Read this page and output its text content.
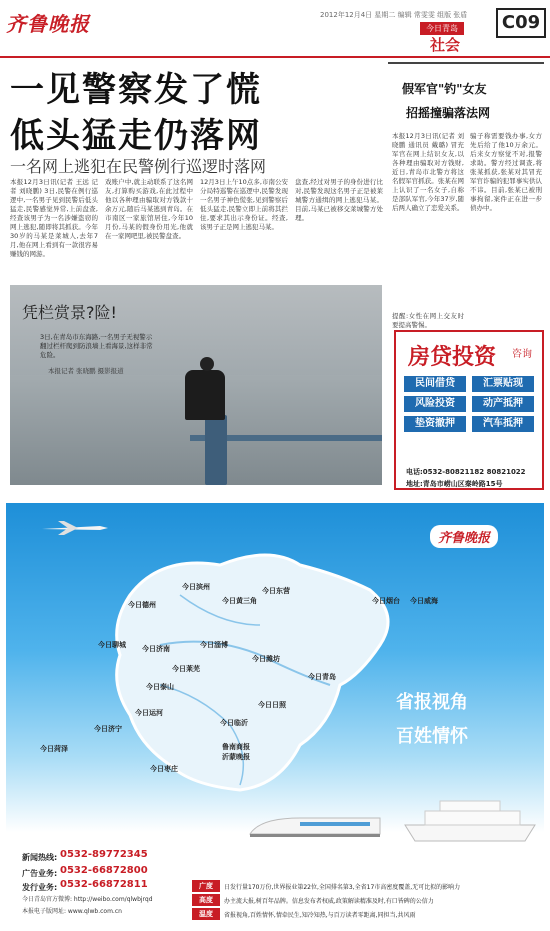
齐鲁晚报	2012年12月4日 星期二 编辑 常雯雯 组版 张盾
今日青岛
社会
C09
一见警察发了慌
低头猛走仍落网
一名网上逃犯在民警例行巡逻时落网
本报12月3日讯(记者 王远 记者 刘晓鹏) 3日,民警在例行巡逻中,一名男子见到民警后低头猛走,民警感觉异常,上前盘查,经查该男子为一名涉嫌盗窃的网上逃犯,随即将其抓获。今年30岁的马某是莱城人,去年7月,他在网上看到有一款很容易赚钱的网游。
戏账户中,就主动联系了这名网友,打算购买游戏,在此过程中他以各种理由骗取对方钱款十余万元,随后马某逃到青岛。在市南区一家旅馆居住,今年10月份,马某的假身份用光,他就在一家网吧里,被民警盘查。
12月3日上午10点多,市南公安分局特巡警在巡逻中,民警发现一名男子神色慌张,见到警察后低头猛走,民警立即上前将其拦住,要求其出示身份证。经查,该男子正是网上逃犯马某。
盘查,经过对男子的身份进行比对,民警发现这名男子正是被莱城警方通缉的网上逃犯马某。目前,马某已被移交莱城警方处理。
凭栏赏景?险!
3日,在青岛市东海路,一名男子无视警示翻过栏杆爬到防浪墙上看海景,这样非常危险。
本报记者 张晓鹏 摄影报道
假军官"钓"女友
招摇撞骗落法网
本报12月3日讯(记者 刘晓鹏 通讯员 戴璐) 冒充军官在网上结识女友,以各种理由骗取对方钱财,近日,青岛市北警方将这名假军官抓获。张某在网上认识了一名女子,自称是部队军官,今年37岁,随后两人确立了恋爱关系。
骗子称需要钱办事,女方先后给了他10万余元。后来女方察觉不对,报警求助。警方经过调查,将张某抓获,张某对其冒充军官诈骗的犯罪事实供认不讳。目前,张某已被刑事拘留,案件正在进一步侦办中。
提醒:女性在网上交友时要提高警惕。
房贷投资 咨询
民间借贷	汇票贴现
风险投资	动产抵押
垫资撤押	汽车抵押
电话:0532-80821182 80821022
地址:青岛市崂山区秦岭路15号
齐鲁晚报
今日德州
今日滨州	今日东营
今日烟台 今日威海
今日聊城 今日济南	今日淄博
今日潍坊
今日青岛
今日泰山
今日莱芜
今日临沂
今日日照
今日菏泽
今日济宁
今日运河
今日枣庄
今日黄三角
鲁南商报
沂蒙晚报
省报视角
百姓情怀
新闻热线: 0532-89772345
广告业务: 0532-66872800
发行业务: 0532-66872811
今日青岛官方微博: http://weibo.com/qlwbjrqd
本报电子版网址: www.qlwb.com.cn
广度	日发行量170万份,世界报业第22位,全国排名第3,全省17市高密度覆盖,无可比拟的影响力
高度	办主流大报,树百年品牌。信息发布者权威,政策解读精准及时,有口皆碑的公信力
温度	省报视角,百姓情怀,情牵民生,知冷知热,与百万读者零距离,同担当,共风雨
